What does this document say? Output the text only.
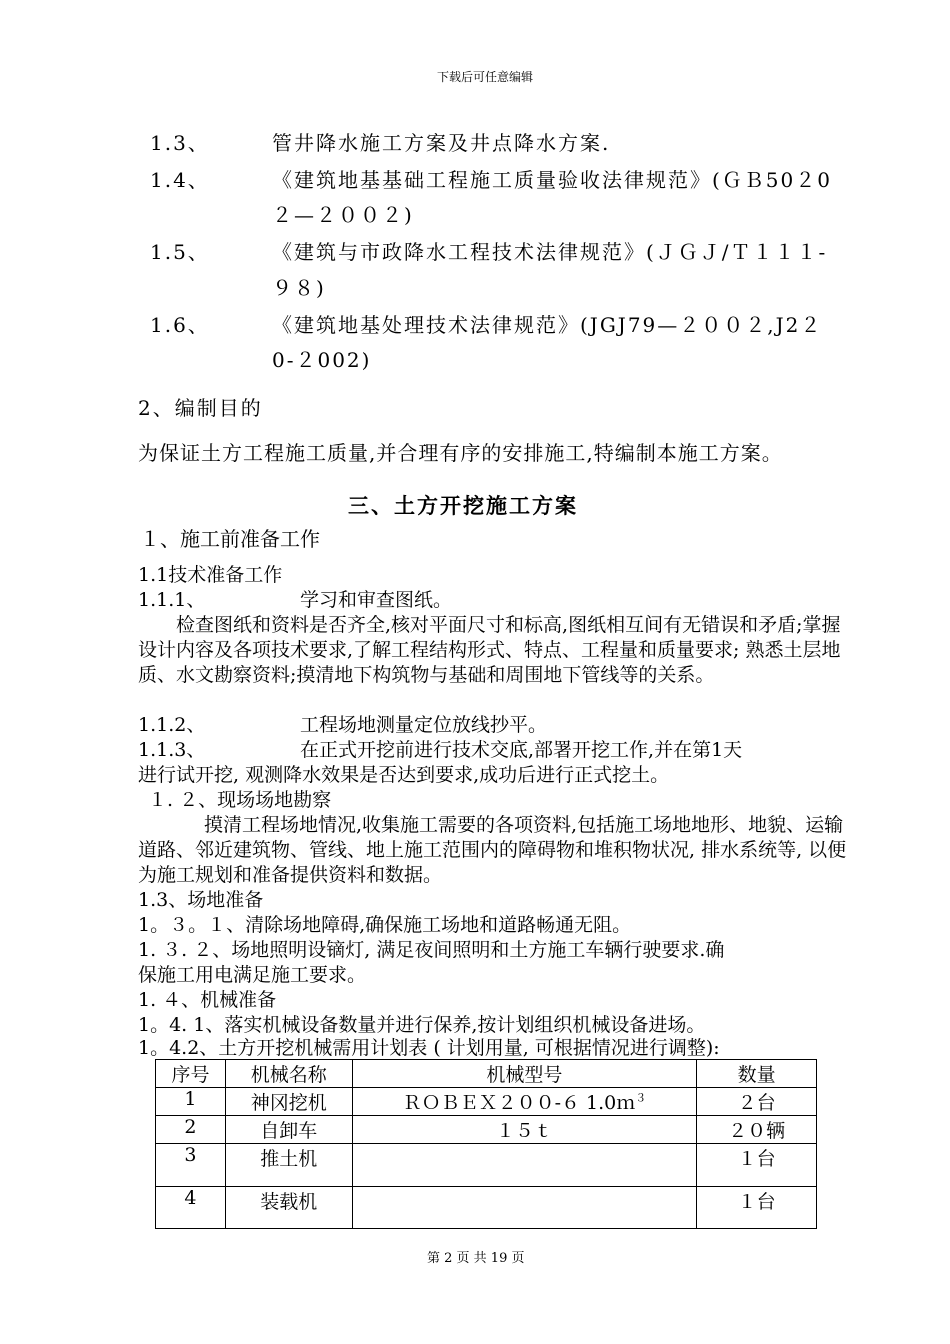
下载后可任意编辑
1.3、	管井降水施工方案及井点降水方案.
1.4、	《建筑地基基础工程施工质量验收法律规范》(ＧＢ50２0
２—２００２)
1.5、	《建筑与市政降水工程技术法律规范》(ＪＧＪ/Ｔ１１１-
９８)
1.6、	《建筑地基处理技术法律规范》(JGJ79—２００２,J2２
0-２002)
2、编制目的
为保证土方工程施工质量,并合理有序的安排施工,特编制本施工方案。
三、土方开挖施工方案
１、施工前准备工作
1.1技术准备工作
1.1.1、	学习和审查图纸。
检查图纸和资料是否齐全,核对平面尺寸和标高,图纸相互间有无错误和矛盾;掌握设计内容及各项技术要求,了解工程结构形式、特点、工程量和质量要求; 熟悉土层地质、水文勘察资料;摸清地下构筑物与基础和周围地下管线等的关系。
1.1.2、	工程场地测量定位放线抄平。
1.1.3、	在正式开挖前进行技术交底,部署开挖工作,并在第1天
进行试开挖, 观测降水效果是否达到要求,成功后进行正式挖土。
１. ２、现场场地勘察
摸清工程场地情况,收集施工需要的各项资料,包括施工场地地形、地貌、运输道路、邻近建筑物、管线、地上施工范围内的障碍物和堆积物状况, 排水系统等, 以便为施工规划和准备提供资料和数据。
1.3、场地准备
1。３。１、清除场地障碍,确保施工场地和道路畅通无阻。
1. ３. ２、场地照明设镝灯, 满足夜间照明和土方施工车辆行驶要求.确
保施工用电满足施工要求。
1. ４、机械准备
1。4. 1、落实机械设备数量并进行保养,按计划组织机械设备进场。
1。4.2、土方开挖机械需用计划表 ( 计划用量, 可根据情况进行调整):
序号	机械名称	机械型号	数量
1	神冈挖机	ＲＯＢＥＸ２００-６ 1.0ｍ$^3$	２台
2	自卸车	１５ｔ	２０辆
3	推土机		１台
4	装载机		１台
第 2 页 共 19 页
